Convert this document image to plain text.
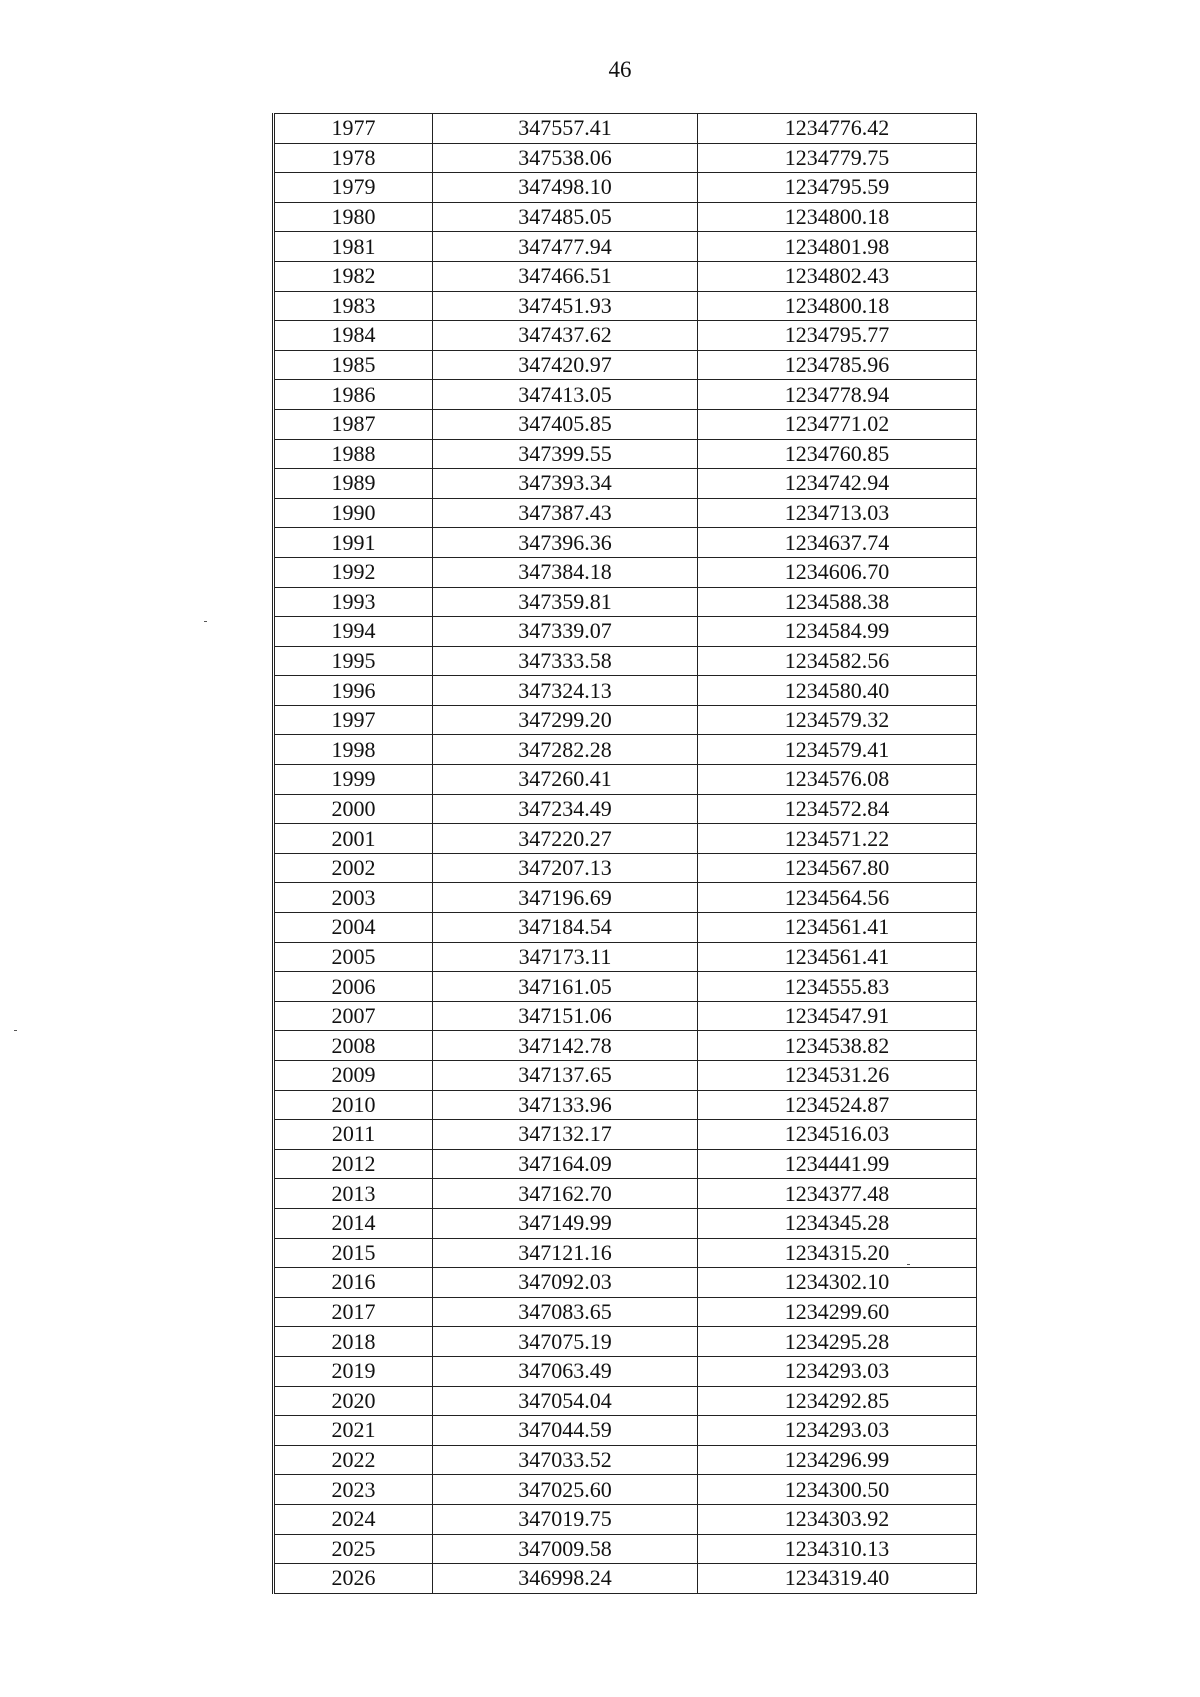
46
1977	347557.41	1234776.42
1978	347538.06	1234779.75
1979	347498.10	1234795.59
1980	347485.05	1234800.18
1981	347477.94	1234801.98
1982	347466.51	1234802.43
1983	347451.93	1234800.18
1984	347437.62	1234795.77
1985	347420.97	1234785.96
1986	347413.05	1234778.94
1987	347405.85	1234771.02
1988	347399.55	1234760.85
1989	347393.34	1234742.94
1990	347387.43	1234713.03
1991	347396.36	1234637.74
1992	347384.18	1234606.70
1993	347359.81	1234588.38
1994	347339.07	1234584.99
1995	347333.58	1234582.56
1996	347324.13	1234580.40
1997	347299.20	1234579.32
1998	347282.28	1234579.41
1999	347260.41	1234576.08
2000	347234.49	1234572.84
2001	347220.27	1234571.22
2002	347207.13	1234567.80
2003	347196.69	1234564.56
2004	347184.54	1234561.41
2005	347173.11	1234561.41
2006	347161.05	1234555.83
2007	347151.06	1234547.91
2008	347142.78	1234538.82
2009	347137.65	1234531.26
2010	347133.96	1234524.87
2011	347132.17	1234516.03
2012	347164.09	1234441.99
2013	347162.70	1234377.48
2014	347149.99	1234345.28
2015	347121.16	1234315.20
2016	347092.03	1234302.10
2017	347083.65	1234299.60
2018	347075.19	1234295.28
2019	347063.49	1234293.03
2020	347054.04	1234292.85
2021	347044.59	1234293.03
2022	347033.52	1234296.99
2023	347025.60	1234300.50
2024	347019.75	1234303.92
2025	347009.58	1234310.13
2026	346998.24	1234319.40
